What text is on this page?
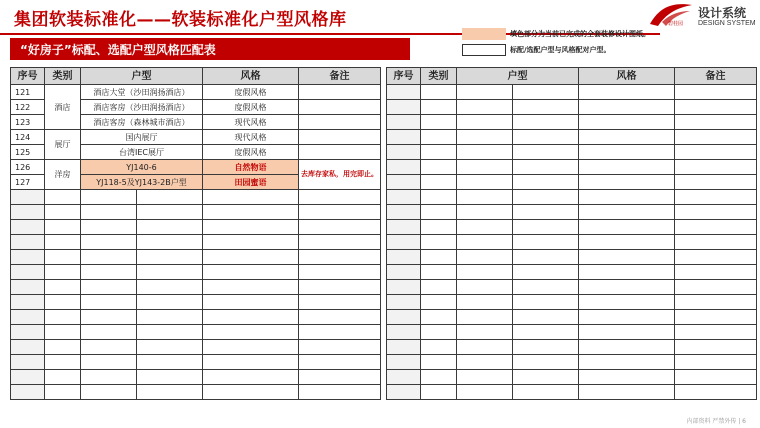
集团软装标准化——软装标准化户型风格库	碧桂园
设计系统
DESIGN SYSTEM
“好房子”标配、选配户型风格匹配表
填色部分为当前已完成的全套装修设计图纸。
标配/选配户型与风格配对户型。
序号	类别	户型		风格	备注
121	酒店	酒店大堂（沙田润扬酒店）		度假风格	
122		酒店客房（沙田润扬酒店）		度假风格	
123		酒店客房（森林城市酒店）		现代风格	
124	展厅	国内展厅		现代风格	
125		台湾IEC展厅		度假风格	
126	洋房	YJ140-6		自然物语	去库存家私，用完即止。
127		YJ118-5及YJ143-2B户型		田园蜜语	

序号	类别	户型		风格	备注

内部资料 严禁外传 | 6
